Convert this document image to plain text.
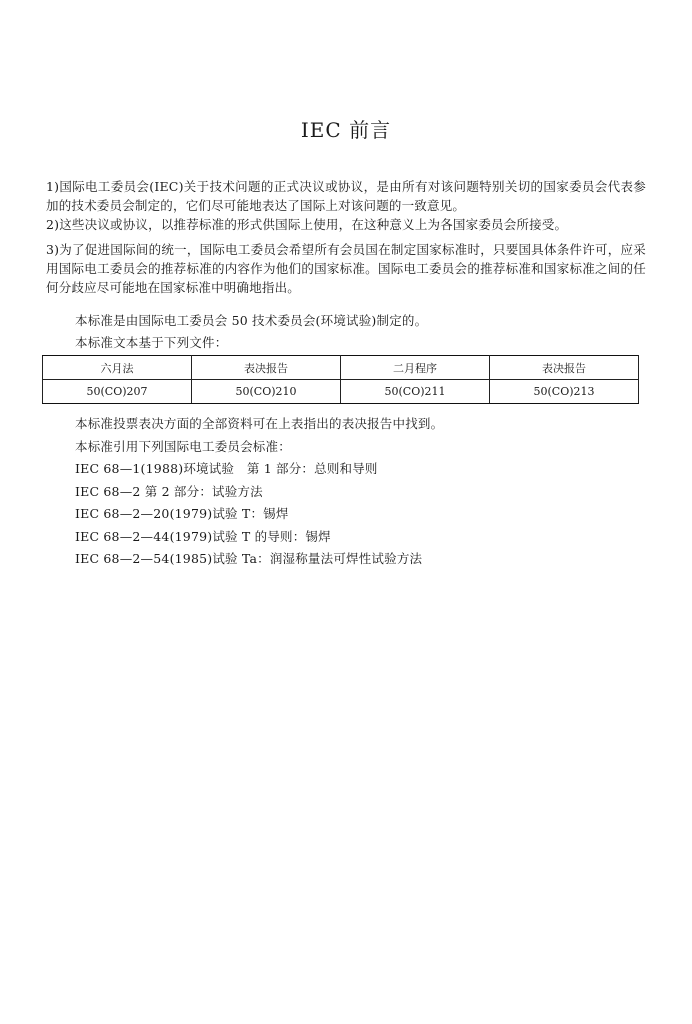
IEC 前言
1)国际电工委员会(IEC)关于技术问题的正式决议或协议，是由所有对该问题特别关切的国家委员会代表参加的技术委员会制定的，它们尽可能地表达了国际上对该问题的一致意见。
2)这些决议或协议，以推荐标准的形式供国际上使用，在这种意义上为各国家委员会所接受。
3)为了促进国际间的统一，国际电工委员会希望所有会员国在制定国家标准时，只要国具体条件许可，应采用国际电工委员会的推荐标准的内容作为他们的国家标准。国际电工委员会的推荐标准和国家标准之间的任何分歧应尽可能地在国家标准中明确地指出。
本标准是由国际电工委员会 50 技术委员会(环境试验)制定的。
本标准文本基于下列文件：
六月法	表决报告	二月程序	表决报告
50(CO)207	50(CO)210	50(CO)211	50(CO)213
本标准投票表决方面的全部资料可在上表指出的表决报告中找到。
本标准引用下列国际电工委员会标准：
IEC 68—1(1988)环境试验　第 1 部分：总则和导则
IEC 68—2 第 2 部分：试验方法
IEC 68—2—20(1979)试验 T：锡焊
IEC 68—2—44(1979)试验 T 的导则：锡焊
IEC 68—2—54(1985)试验 Ta：润湿称量法可焊性试验方法
